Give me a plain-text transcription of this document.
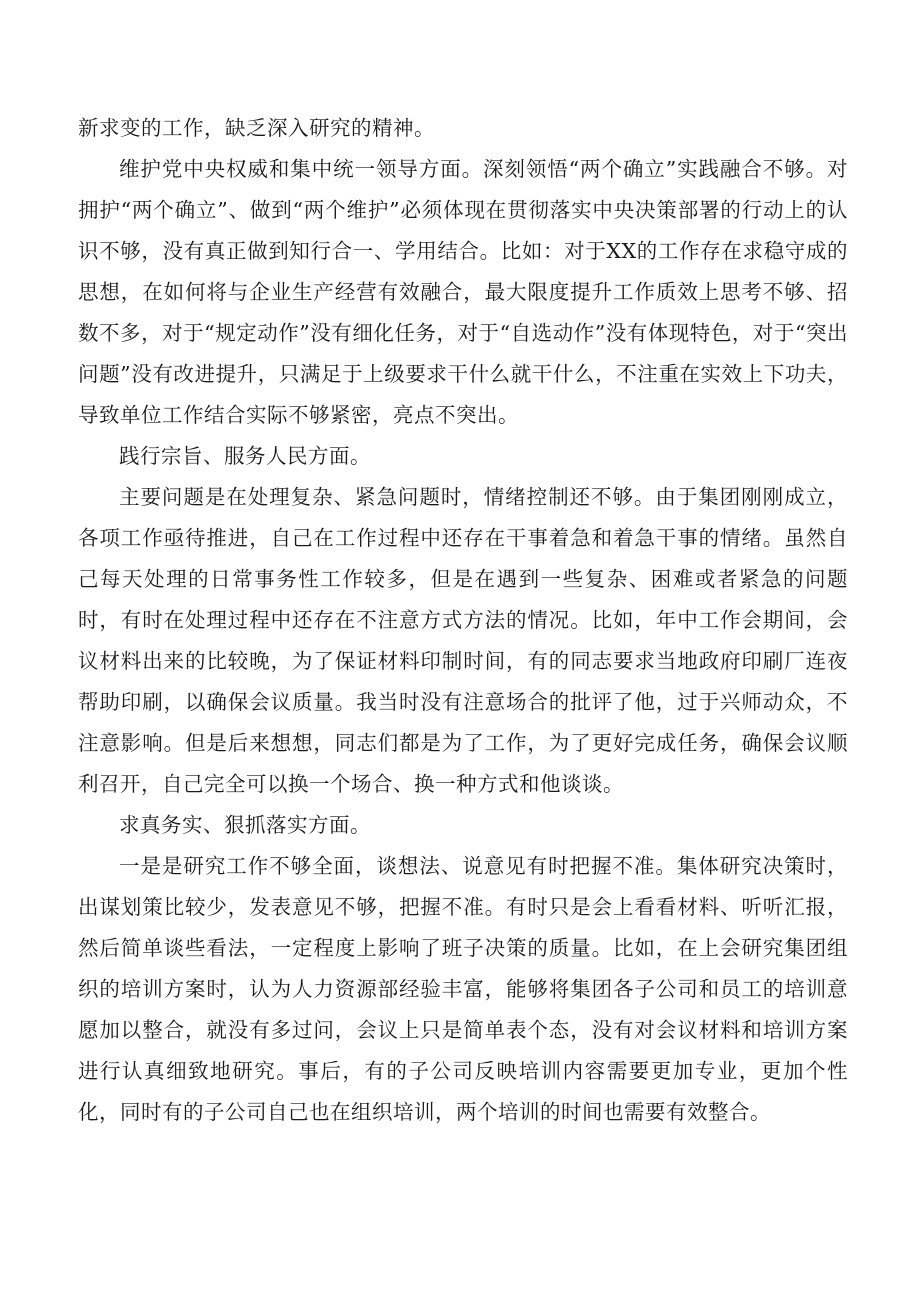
新求变的工作，缺乏深入研究的精神。

维护党中央权威和集中统一领导方面。深刻领悟“两个确立”实践融合不够。对拥护“两个确立”、做到“两个维护”必须体现在贯彻落实中央决策部署的行动上的认识不够，没有真正做到知行合一、学用结合。比如：对于XX的工作存在求稳守成的思想，在如何将与企业生产经营有效融合，最大限度提升工作质效上思考不够、招数不多，对于“规定动作”没有细化任务，对于“自选动作”没有体现特色，对于“突出问题”没有改进提升，只满足于上级要求干什么就干什么，不注重在实效上下功夫，导致单位工作结合实际不够紧密，亮点不突出。

践行宗旨、服务人民方面。

主要问题是在处理复杂、紧急问题时，情绪控制还不够。由于集团刚刚成立，各项工作亟待推进，自己在工作过程中还存在干事着急和着急干事的情绪。虽然自己每天处理的日常事务性工作较多，但是在遇到一些复杂、困难或者紧急的问题时，有时在处理过程中还存在不注意方式方法的情况。比如，年中工作会期间，会议材料出来的比较晚，为了保证材料印制时间，有的同志要求当地政府印刷厂连夜帮助印刷，以确保会议质量。我当时没有注意场合的批评了他，过于兴师动众，不注意影响。但是后来想想，同志们都是为了工作，为了更好完成任务，确保会议顺利召开，自己完全可以换一个场合、换一种方式和他谈谈。

求真务实、狠抓落实方面。

一是是研究工作不够全面，谈想法、说意见有时把握不准。集体研究决策时，出谋划策比较少，发表意见不够，把握不准。有时只是会上看看材料、听听汇报，然后简单谈些看法，一定程度上影响了班子决策的质量。比如，在上会研究集团组织的培训方案时，认为人力资源部经验丰富，能够将集团各子公司和员工的培训意愿加以整合，就没有多过问，会议上只是简单表个态，没有对会议材料和培训方案进行认真细致地研究。事后，有的子公司反映培训内容需要更加专业，更加个性化，同时有的子公司自己也在组织培训，两个培训的时间也需要有效整合。
